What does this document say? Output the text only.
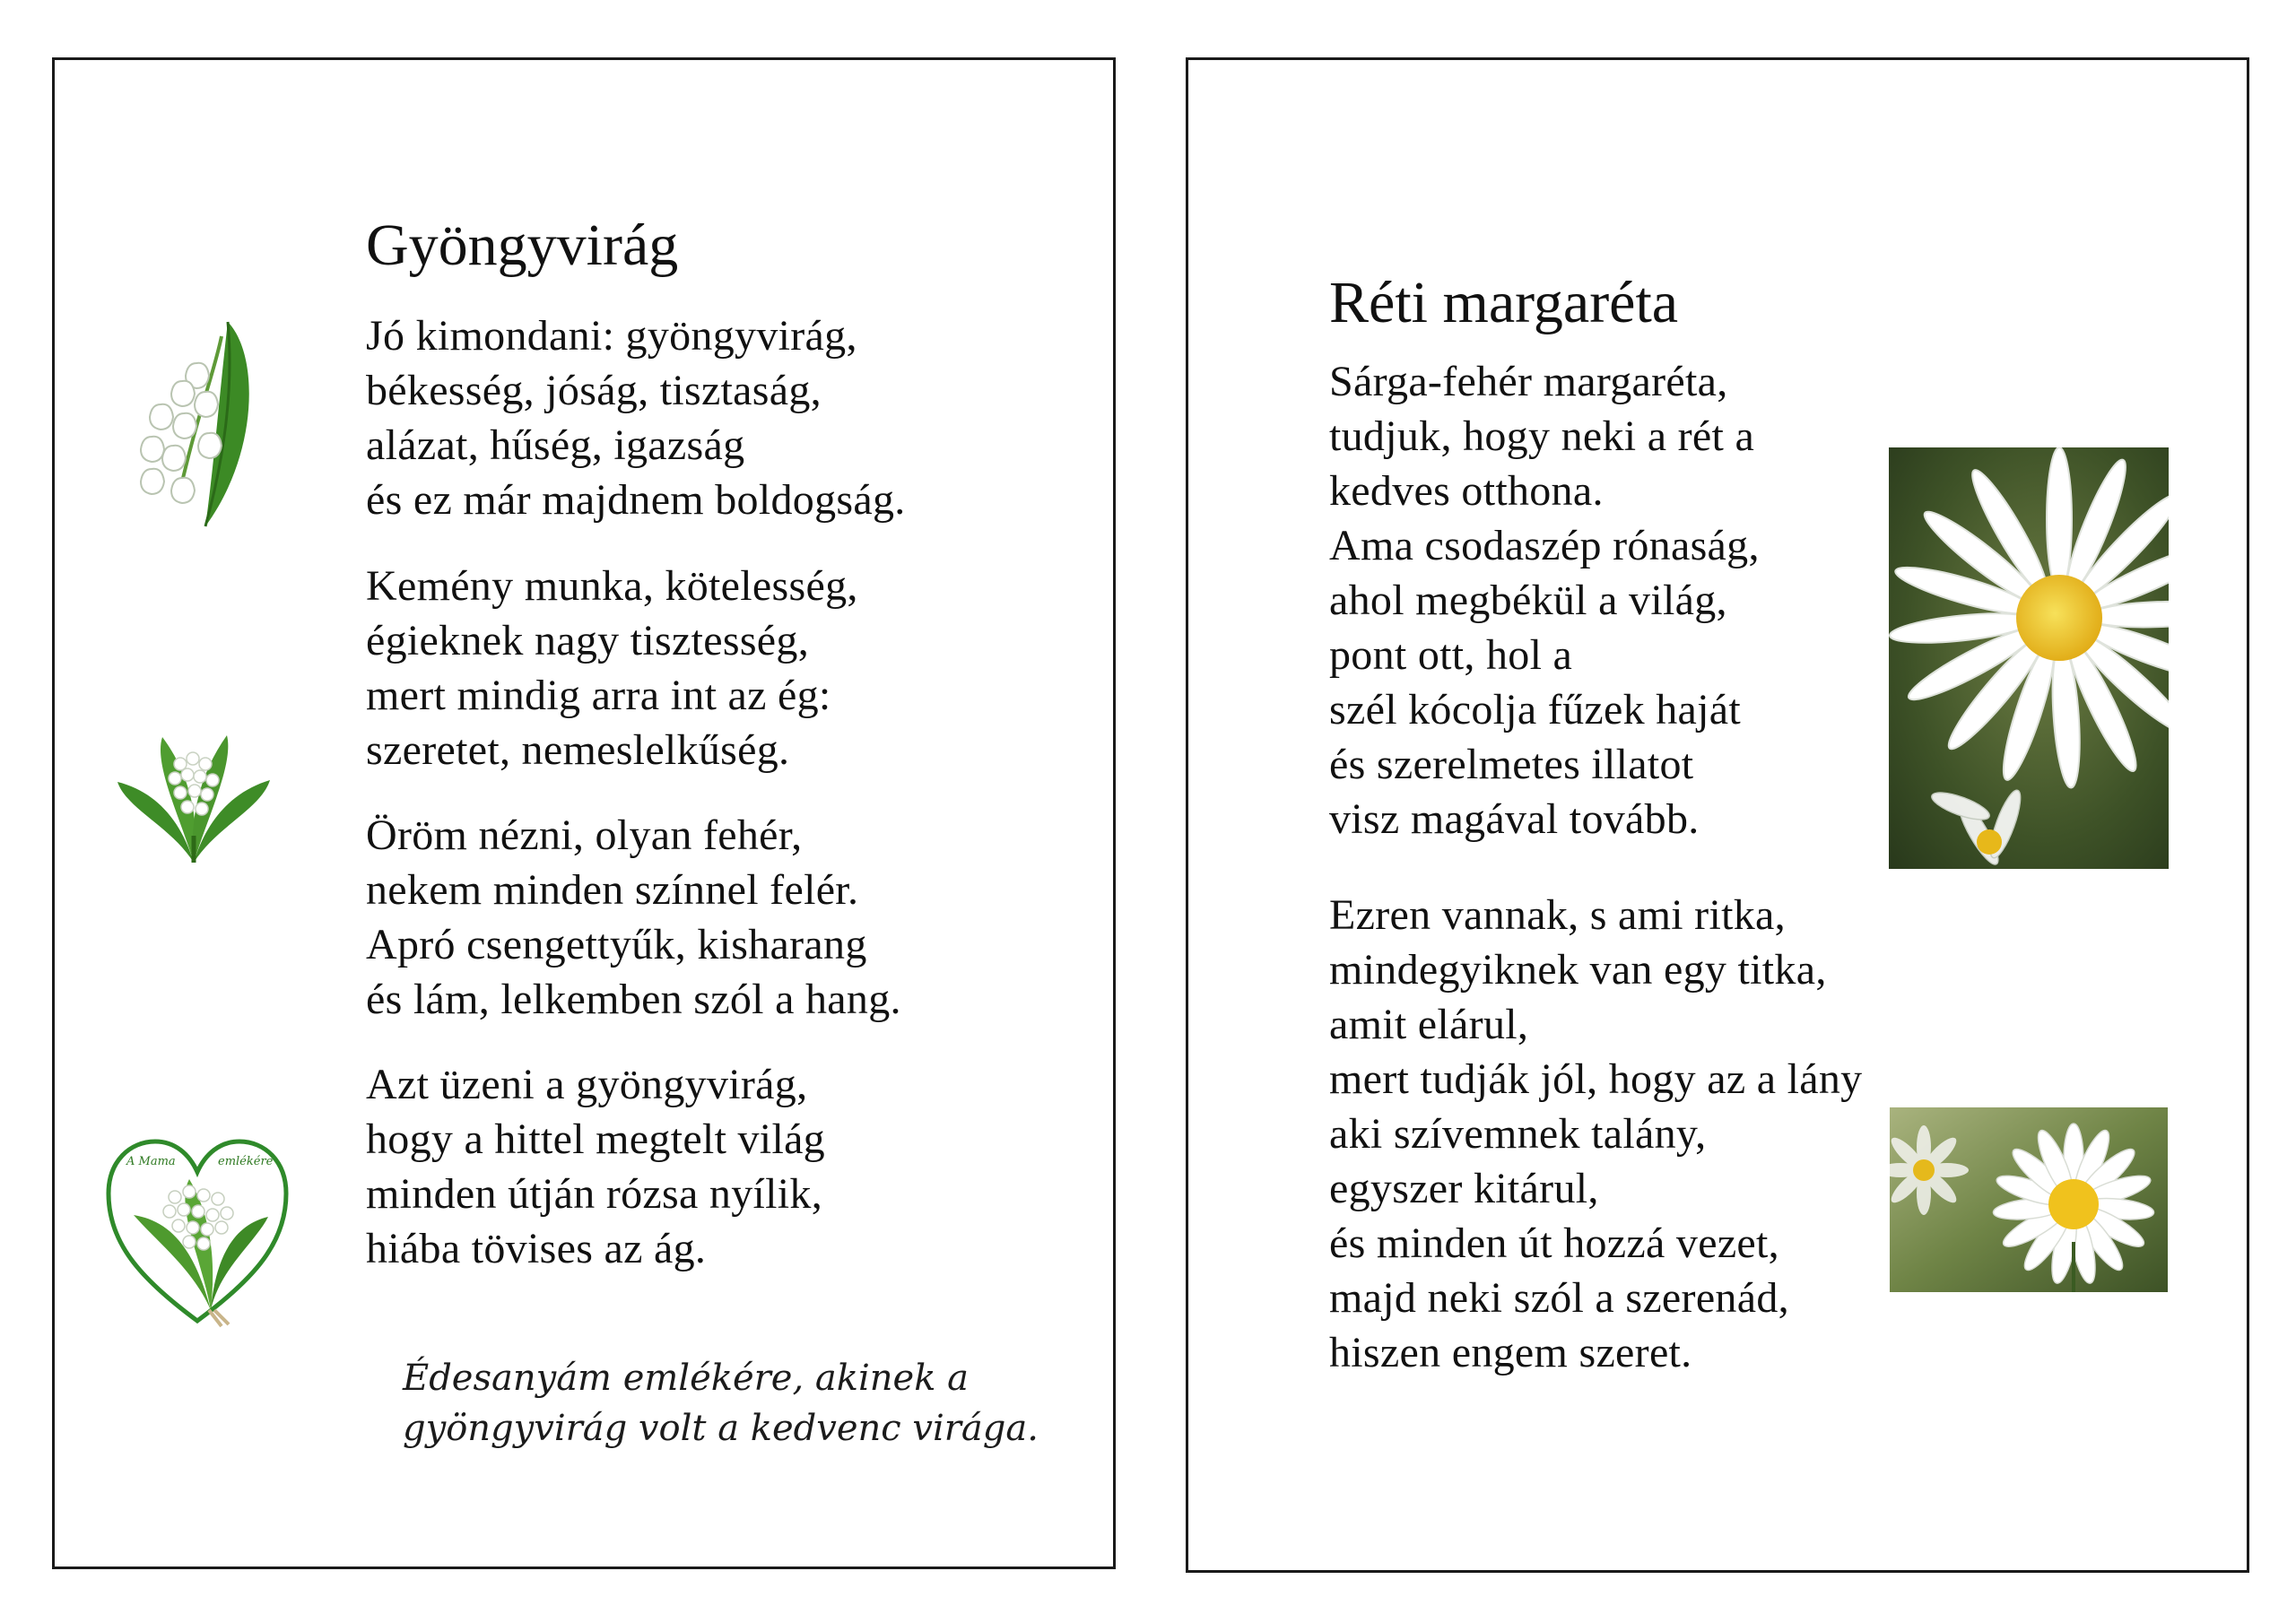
Gyöngyvirág
Jó kimondani: gyöngyvirág,
békesség, jóság, tisztaság,
alázat, hűség, igazság
és ez már majdnem boldogság.
Kemény munka, kötelesség,
égieknek nagy tisztesség,
mert mindig arra int az ég:
szeretet, nemeslelkűség.
Öröm nézni, olyan fehér,
nekem minden színnel felér.
Apró csengettyűk, kisharang
és lám, lelkemben szól a hang.
Azt üzeni a gyöngyvirág,
hogy a hittel megtelt világ
minden útján rózsa nyílik,
hiába tövises az ág.
Édesanyám emlékére, akinek a
gyöngyvirág volt a kedvenc virága.
A Mama	emlékére
Réti margaréta
Sárga-fehér margaréta,
tudjuk, hogy neki a rét a
kedves otthona.
Ama csodaszép rónaság,
ahol megbékül a világ,
pont ott, hol a
szél kócolja fűzek haját
és szerelmetes illatot
visz magával tovább.
Ezren vannak, s ami ritka,
mindegyiknek van egy titka,
amit elárul,
mert tudják jól, hogy az a lány
aki szívemnek talány,
egyszer kitárul,
és minden út hozzá vezet,
majd neki szól a szerenád,
hiszen engem szeret.
